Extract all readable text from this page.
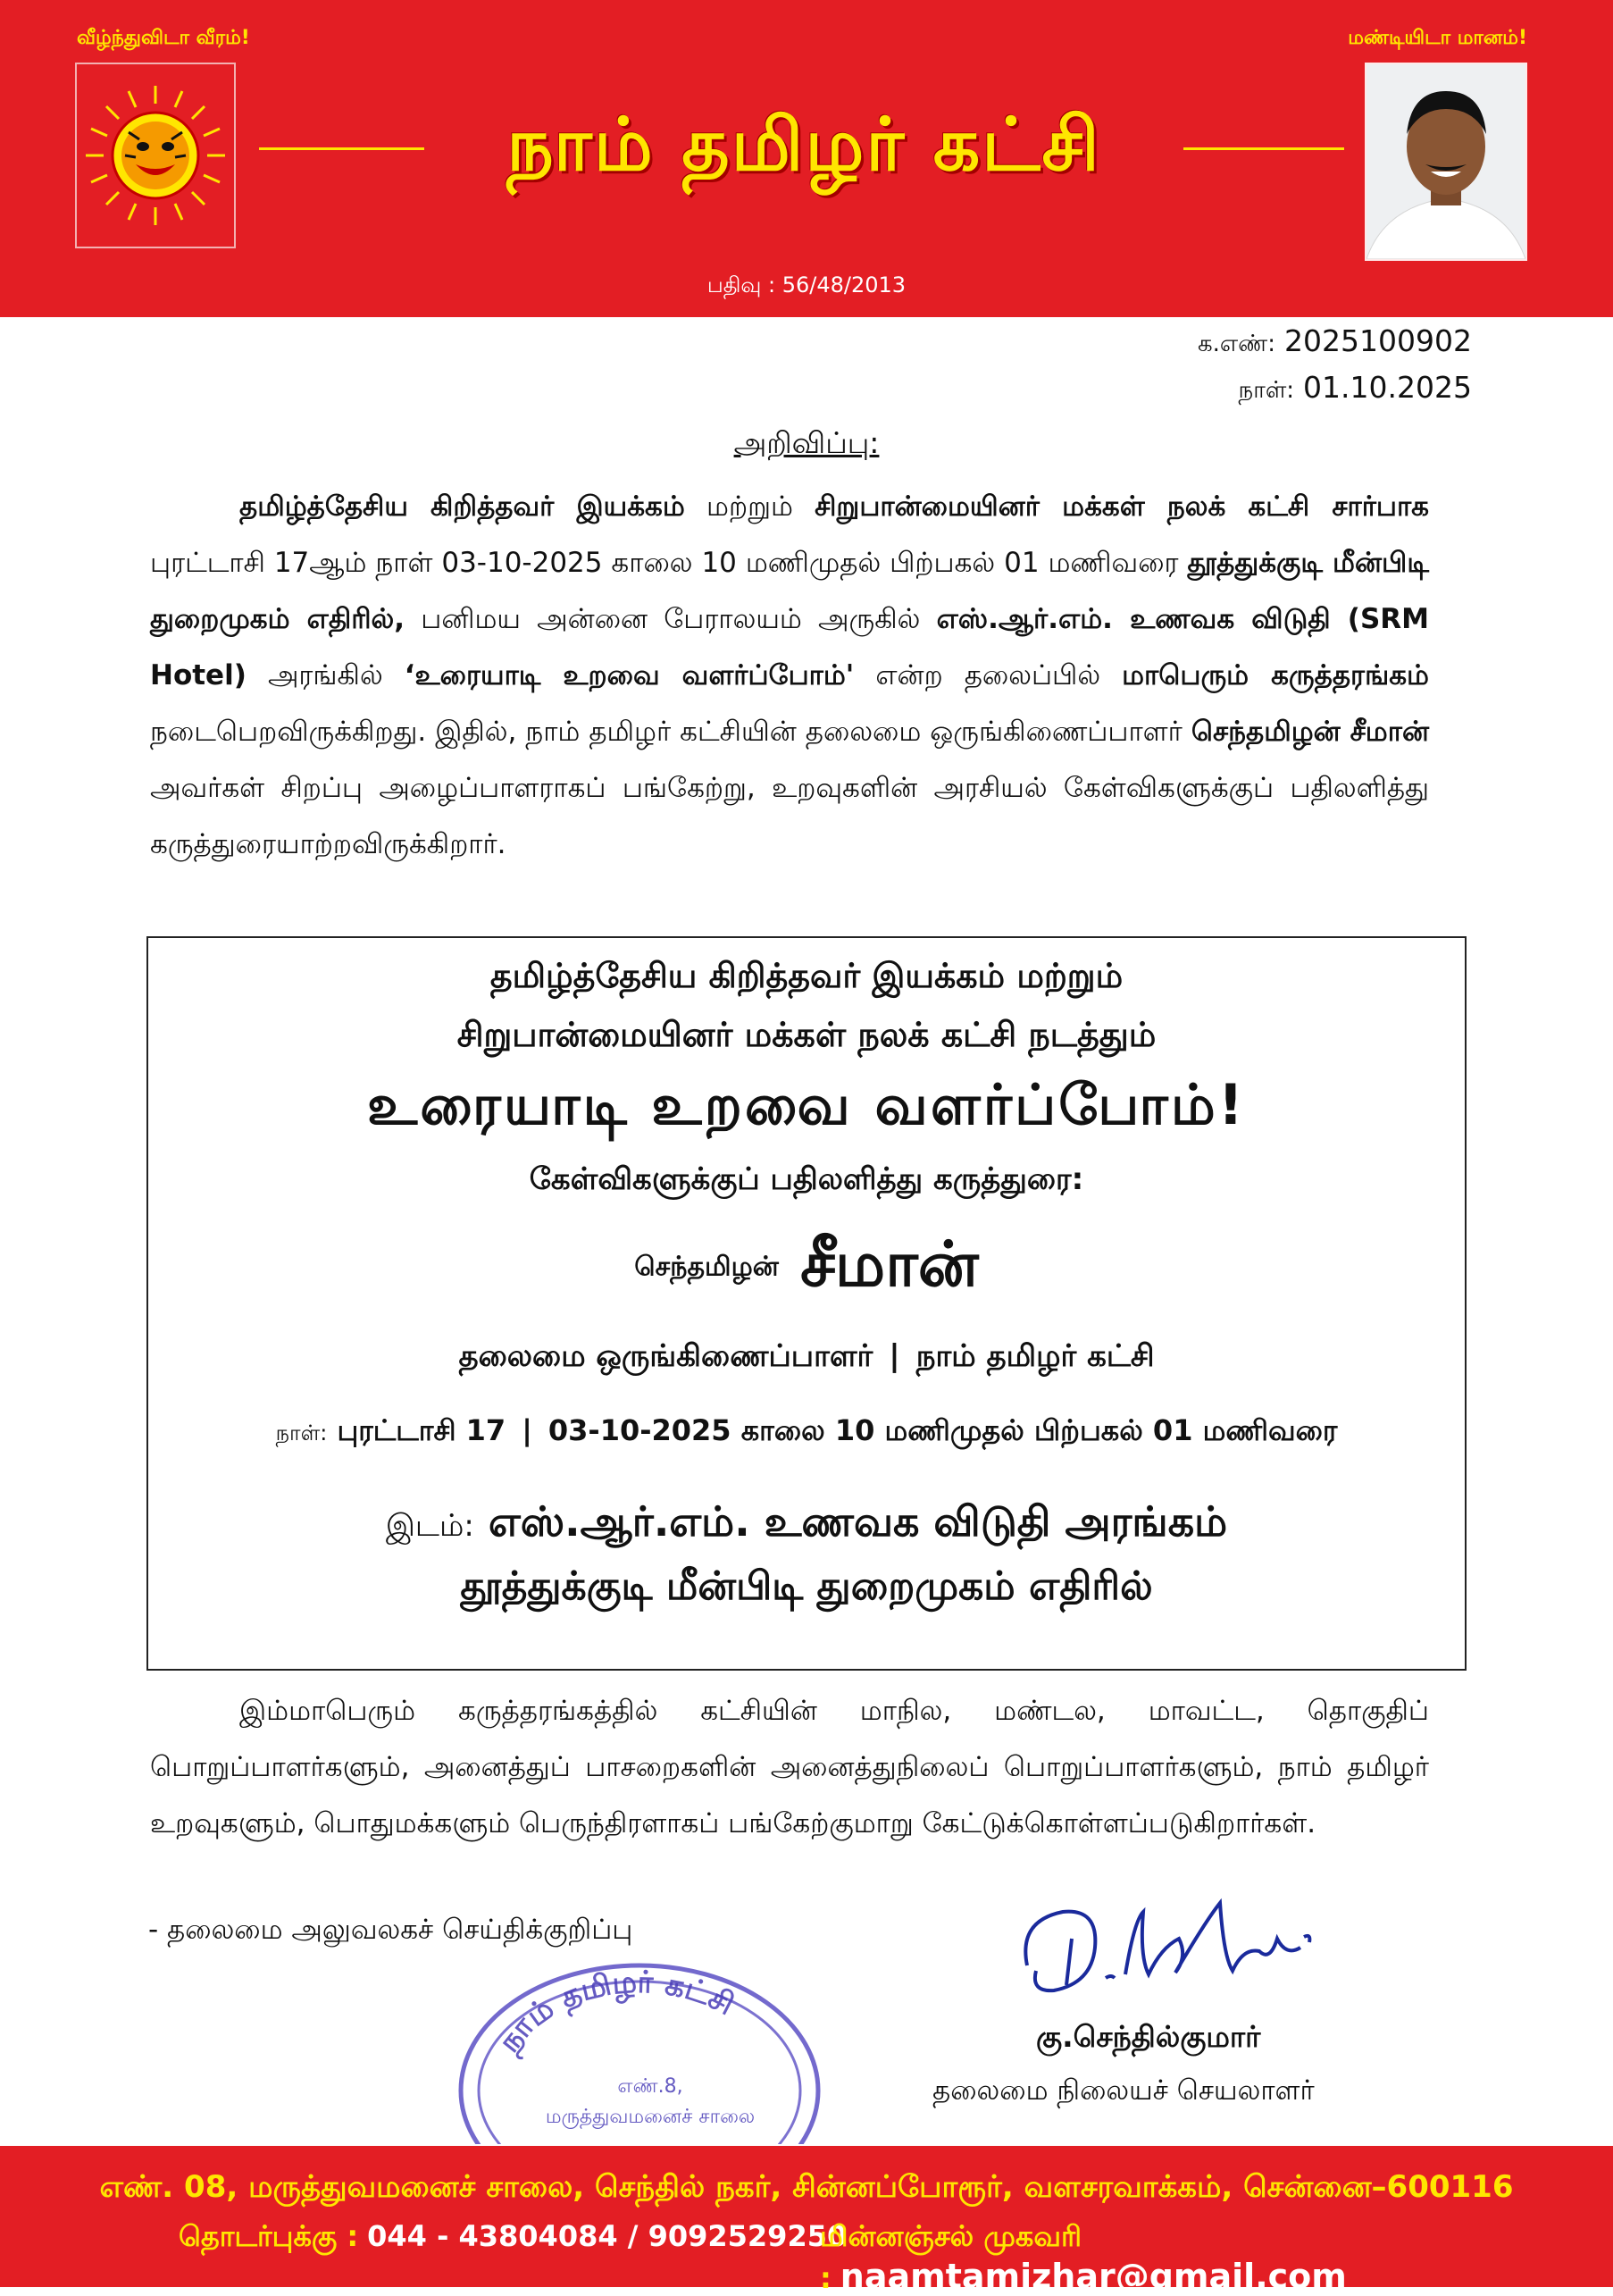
வீழ்ந்துவிடா வீரம்!	மண்டியிடா மானம்!
நாம் தமிழர் கட்சி
பதிவு : 56/48/2013
க.எண்: 2025100902
நாள்: 01.10.2025
அறிவிப்பு:

தமிழ்த்தேசிய கிறித்தவர் இயக்கம் மற்றும் சிறுபான்மையினர் மக்கள் நலக் கட்சி சார்பாக புரட்டாசி 17ஆம் நாள் 03-10-2025 காலை 10 மணிமுதல் பிற்பகல் 01 மணிவரை தூத்துக்குடி மீன்பிடி துறைமுகம் எதிரில், பனிமய அன்னை பேராலயம் அருகில் எஸ்.ஆர்.எம். உணவக விடுதி (SRM Hotel) அரங்கில் ‘உரையாடி உறவை வளர்ப்போம்' என்ற தலைப்பில் மாபெரும் கருத்தரங்கம் நடைபெறவிருக்கிறது. இதில், நாம் தமிழர் கட்சியின் தலைமை ஒருங்கிணைப்பாளர் செந்தமிழன் சீமான் அவர்கள் சிறப்பு அழைப்பாளராகப் பங்கேற்று, உறவுகளின் அரசியல் கேள்விகளுக்குப் பதிலளித்து கருத்துரையாற்றவிருக்கிறார்.

தமிழ்த்தேசிய கிறித்தவர் இயக்கம் மற்றும்
சிறுபான்மையினர் மக்கள் நலக் கட்சி நடத்தும்
உரையாடி உறவை வளர்ப்போம்!
கேள்விகளுக்குப் பதிலளித்து கருத்துரை:
செந்தமிழன் சீமான்
தலைமை ஒருங்கிணைப்பாளர் | நாம் தமிழர் கட்சி
நாள்: புரட்டாசி 17 | 03-10-2025 காலை 10 மணிமுதல் பிற்பகல் 01 மணிவரை
இடம்: எஸ்.ஆர்.எம். உணவக விடுதி அரங்கம்
தூத்துக்குடி மீன்பிடி துறைமுகம் எதிரில்

இம்மாபெரும் கருத்தரங்கத்தில் கட்சியின் மாநில, மண்டல, மாவட்ட, தொகுதிப் பொறுப்பாளர்களும், அனைத்துப் பாசறைகளின் அனைத்துநிலைப் பொறுப்பாளர்களும், நாம் தமிழர் உறவுகளும், பொதுமக்களும் பெருந்திரளாகப் பங்கேற்குமாறு கேட்டுக்கொள்ளப்படுகிறார்கள்.

- தலைமை அலுவலகச் செய்திக்குறிப்பு
நாம் தமிழர் கட்சி
எண்.8,
மருத்துவமனைச் சாலை
கு.செந்தில்குமார்
தலைமை நிலையச் செயலாளர்
எண். 08, மருத்துவமனைச் சாலை, செந்தில் நகர், சின்னப்போரூர், வளசரவாக்கம், சென்னை–600116
தொடர்புக்கு : 044 - 43804084 / 9092529250
மின்னஞ்சல் முகவரி : naamtamizhar@gmail.com
